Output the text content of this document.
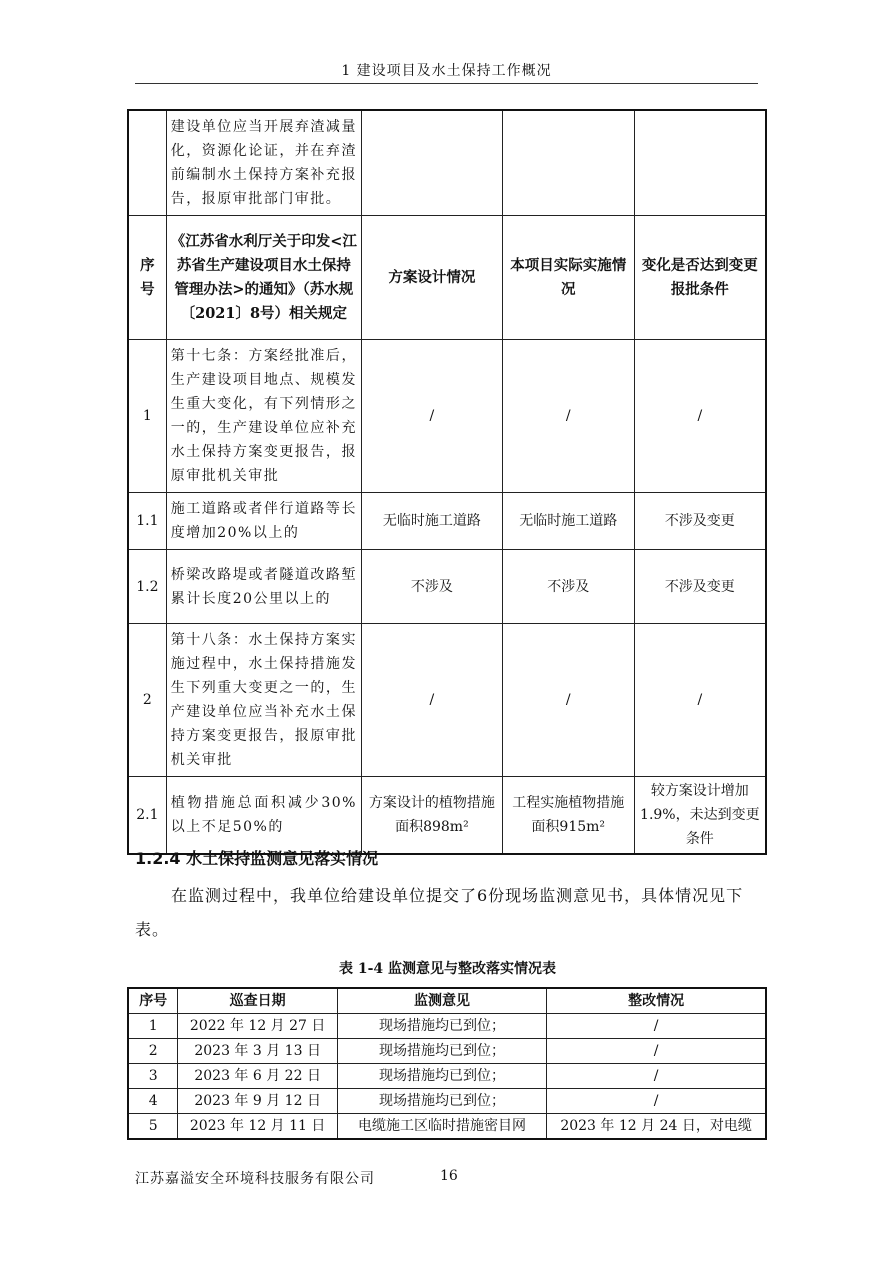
1 建设项目及水土保持工作概况
	建设单位应当开展弃渣减量化，资源化论证，并在弃渣前编制水土保持方案补充报告，报原审批部门审批。			
序号	《江苏省水利厅关于印发<江苏省生产建设项目水土保持管理办法>的通知》（苏水规〔2021〕8号）相关规定	方案设计情况	本项目实际实施情况	变化是否达到变更报批条件
1	第十七条：方案经批准后，生产建设项目地点、规模发生重大变化，有下列情形之一的，生产建设单位应补充水土保持方案变更报告，报原审批机关审批	/	/	/
1.1	施工道路或者伴行道路等长度增加20%以上的	无临时施工道路	无临时施工道路	不涉及变更
1.2	桥梁改路堤或者隧道改路堑累计长度20公里以上的	不涉及	不涉及	不涉及变更
2	第十八条：水土保持方案实施过程中，水土保持措施发生下列重大变更之一的，生产建设单位应当补充水土保持方案变更报告，报原审批机关审批	/	/	/
2.1	植物措施总面积减少30%以上不足50%的	方案设计的植物措施面积898m²	工程实施植物措施面积915m²	较方案设计增加1.9%，未达到变更条件
1.2.4 水土保持监测意见落实情况
在监测过程中，我单位给建设单位提交了6份现场监测意见书，具体情况见下表。
表 1-4 监测意见与整改落实情况表
序号	巡查日期	监测意见	整改情况
1	2022 年 12 月 27 日	现场措施均已到位；	/
2	2023 年 3 月 13 日	现场措施均已到位；	/
3	2023 年 6 月 22 日	现场措施均已到位；	/
4	2023 年 9 月 12 日	现场措施均已到位；	/
5	2023 年 12 月 11 日	电缆施工区临时措施密目网	2023 年 12 月 24 日，对电缆
江苏嘉溢安全环境科技服务有限公司	16
